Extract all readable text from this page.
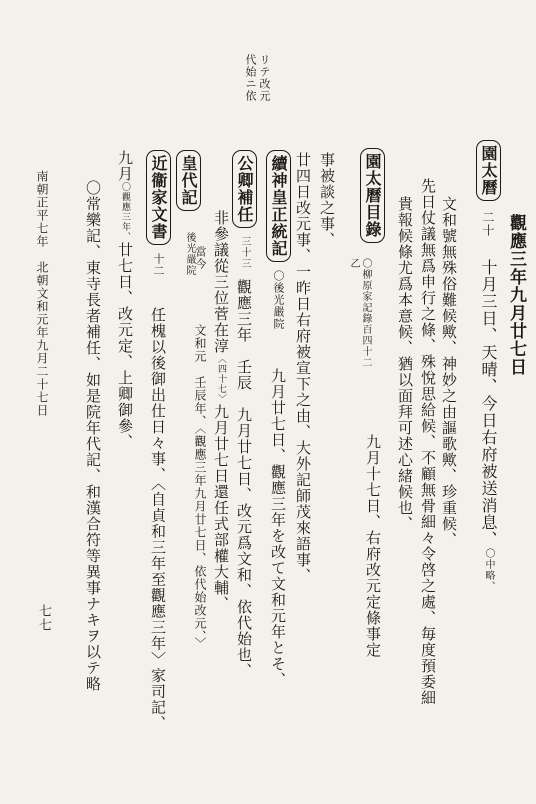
代始ニ依 リテ改元
觀應三年九月廿七日
園太曆二十十月三日、天晴、今日右府被送消息、〇中略、
文和號無殊俗難候歟、神妙之由謳歌歟、珍重候、
先日仗議無爲申行之條、殊悅思給候、不顧無骨細々令啓之處、毎度預委細
貴報候條尤爲本意候、猶以面拜可述心緒候也、
園太曆目錄
乙 〇柳原家記錄百四十二
九月十七日、右府改元定條事定
事被談之事、
廿四日改元事、一昨日右府被宣下之由、大外記師茂來語事、
續神皇正統記〇後光嚴院九月廿七日、觀應三年を改て文和元年とそ、
公卿補任三十三觀應三年　壬辰　九月廿七日、改元爲文和、依代始也、
非參議從三位菅在淳〈四十七〉九月廿七日還任式部權大輔、
皇代記
後光嚴院 當今
文和元　壬辰年、〈觀應三年九月廿七日、依代始改元、〉
近衞家文書十二任槐以後御出仕日々事、〈自貞和三年至觀應三年〉家司記、
九月〇觀應三年、廿七日、改元定、上卿御參、
〇常樂記、東寺長者補任、如是院年代記、和漢合符等異事ナキヲ以テ略
南朝正平七年　北朝文和元年九月二十七日
七七
